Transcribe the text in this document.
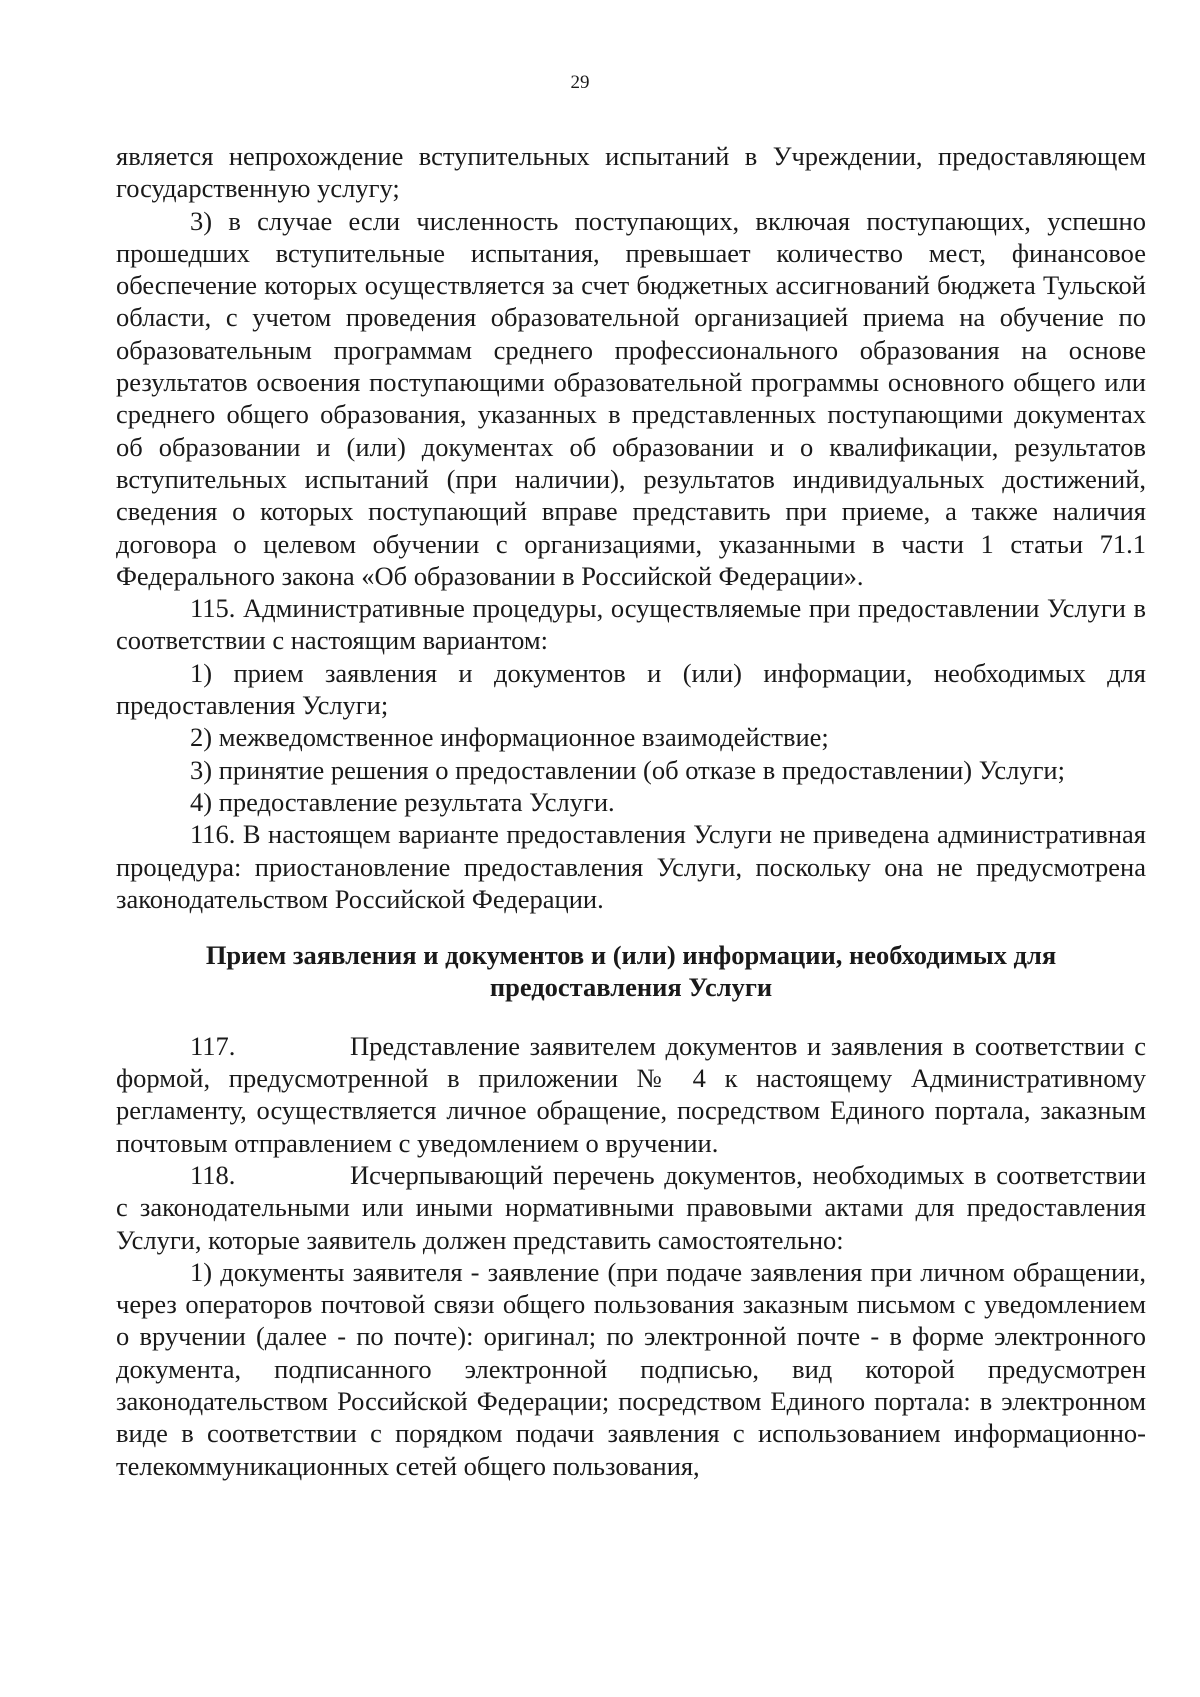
29

является непрохождение вступительных испытаний в Учреждении, предоставляющем государственную услугу;

3) в случае если численность поступающих, включая поступающих, успешно прошедших вступительные испытания, превышает количество мест, финансовое обеспечение которых осуществляется за счет бюджетных ассигнований бюджета Тульской области, с учетом проведения образовательной организацией приема на обучение по образовательным программам среднего профессионального образования на основе результатов освоения поступающими образовательной программы основного общего или среднего общего образования, указанных в представленных поступающими документах об образовании и (или) документах об образовании и о квалификации, результатов вступительных испытаний (при наличии), результатов индивидуальных достижений, сведения о которых поступающий вправе представить при приеме, а также наличия договора о целевом обучении с организациями, указанными в части 1 статьи 71.1 Федерального закона «Об образовании в Российской Федерации».

115. Административные процедуры, осуществляемые при предоставлении Услуги в соответствии с настоящим вариантом:

1) прием заявления и документов и (или) информации, необходимых для предоставления Услуги;

2) межведомственное информационное взаимодействие;

3) принятие решения о предоставлении (об отказе в предоставлении) Услуги;

4) предоставление результата Услуги.

116. В настоящем варианте предоставления Услуги не приведена административная процедура: приостановление предоставления Услуги, поскольку она не предусмотрена законодательством Российской Федерации.

Прием заявления и документов и (или) информации, необходимых для предоставления Услуги

117.	Представление заявителем документов и заявления в соответствии с формой, предусмотренной в приложении № 4 к настоящему Административному регламенту, осуществляется личное обращение, посредством Единого портала, заказным почтовым отправлением с уведомлением о вручении.

118.	Исчерпывающий перечень документов, необходимых в соответствии с законодательными или иными нормативными правовыми актами для предоставления Услуги, которые заявитель должен представить самостоятельно:

1) документы заявителя - заявление (при подаче заявления при личном обращении, через операторов почтовой связи общего пользования заказным письмом с уведомлением о вручении (далее - по почте): оригинал; по электронной почте - в форме электронного документа, подписанного электронной подписью, вид которой предусмотрен законодательством Российской Федерации; посредством Единого портала: в электронном виде в соответствии с порядком подачи заявления с использованием информационно-телекоммуникационных сетей общего пользования,
